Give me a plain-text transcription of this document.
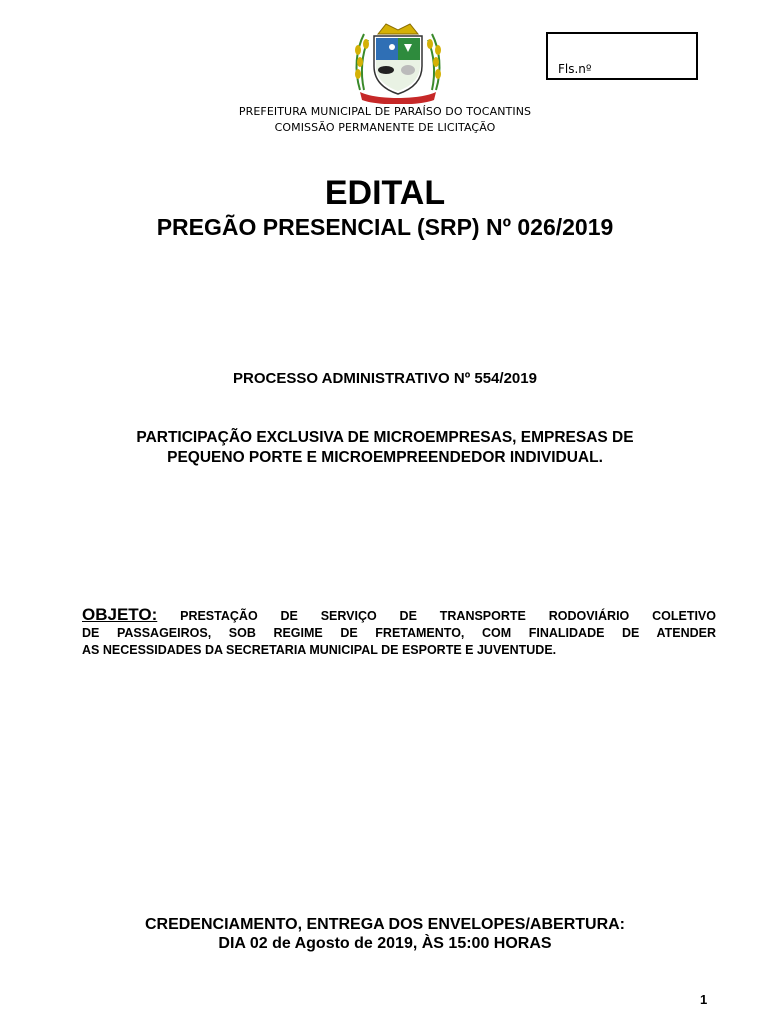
Fls.nº
PREFEITURA MUNICIPAL DE PARAÍSO DO TOCANTINS
COMISSÃO PERMANENTE DE LICITAÇÃO
EDITAL
PREGÃO PRESENCIAL (SRP) Nº 026/2019
PROCESSO ADMINISTRATIVO Nº 554/2019
PARTICIPAÇÃO EXCLUSIVA DE MICROEMPRESAS, EMPRESAS DE
PEQUENO PORTE E MICROEMPREENDEDOR INDIVIDUAL.
OBJETO: PRESTAÇÃO DE SERVIÇO DE TRANSPORTE RODOVIÁRIO COLETIVO
DE PASSAGEIROS, SOB REGIME DE FRETAMENTO, COM FINALIDADE DE ATENDER
AS NECESSIDADES DA SECRETARIA MUNICIPAL DE ESPORTE E JUVENTUDE.
CREDENCIAMENTO, ENTREGA DOS ENVELOPES/ABERTURA:
DIA 02 de Agosto de 2019, ÀS 15:00 HORAS
1
